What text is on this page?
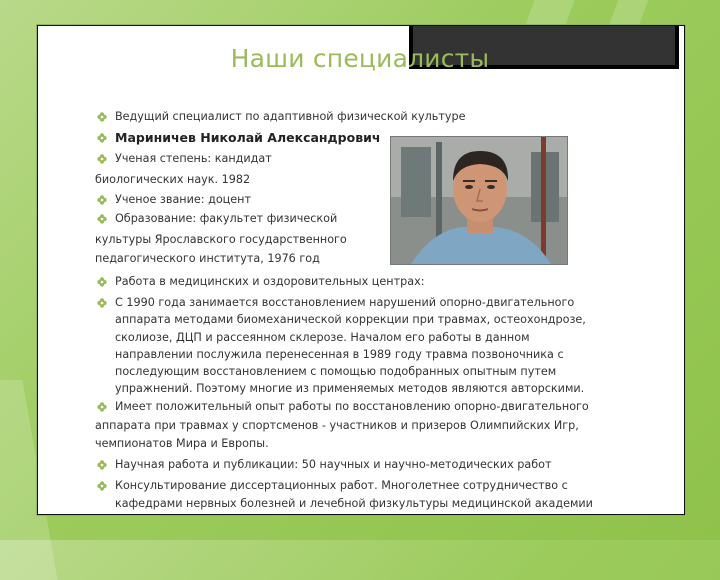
Наши специалисты
Ведущий специалист по адаптивной физической культуре
Мариничев Николай Александрович
Ученая степень: кандидат
биологических наук. 1982
Ученое звание: доцент
Образование: факультет физической
культуры Ярославского государственного
педагогического института, 1976 год
Работа в медицинских и оздоровительных центрах:
С 1990 года занимается восстановлением нарушений опорно-двигательного
аппарата методами биомеханической коррекции при травмах, остеохондрозе,
сколиозе, ДЦП и рассеянном склерозе. Началом его работы в данном
направлении послужила перенесенная в 1989 году травма позвоночника с
последующим восстановлением с помощью подобранных опытным путем
упражнений. Поэтому многие из применяемых методов являются авторскими.
Имеет положительный опыт работы по восстановлению опорно-двигательного
аппарата при травмах у спортсменов - участников и призеров Олимпийских Игр,
чемпионатов Мира и Европы.
Научная работа и публикации: 50 научных и научно-методических работ
Консультирование диссертационных работ. Многолетнее сотрудничество с
кафедрами нервных болезней и лечебной физкультуры медицинской академии
